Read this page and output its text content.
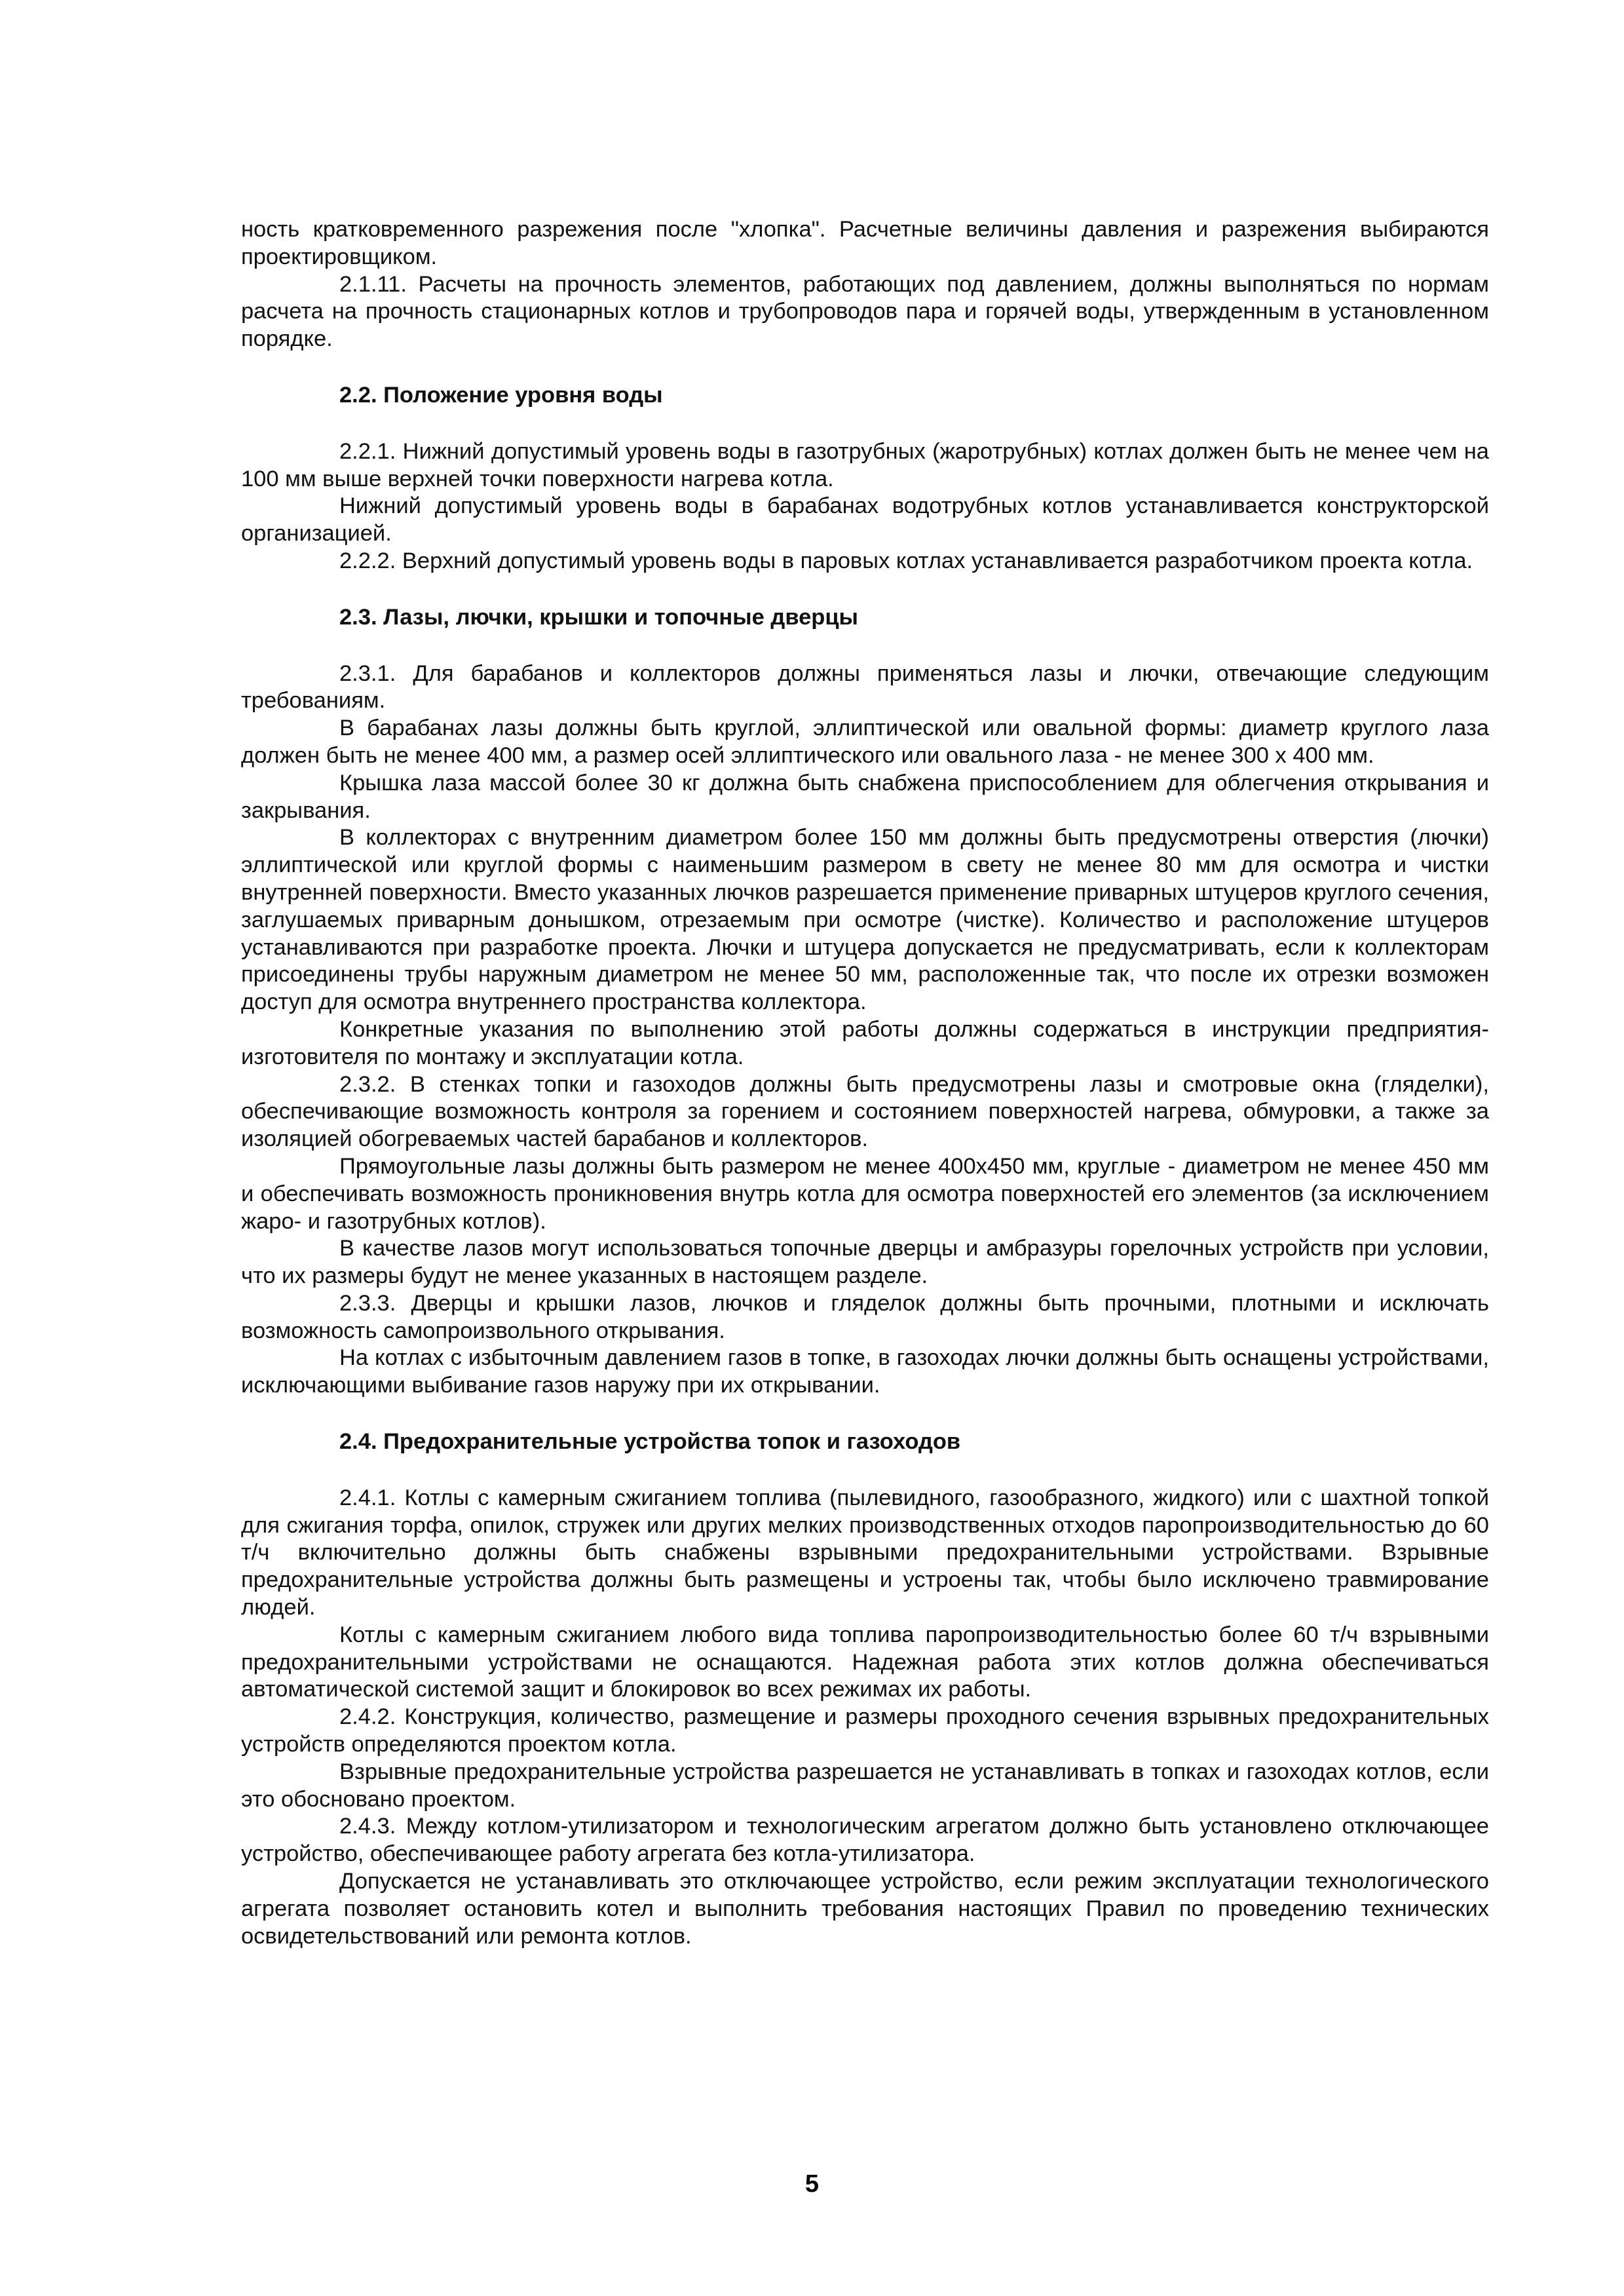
ность кратковременного разрежения после "хлопка". Расчетные величины давления и разрежения выбираются проектировщиком.

2.1.11. Расчеты на прочность элементов, работающих под давлением, должны выполняться по нормам расчета на прочность стационарных котлов и трубопроводов пара и горячей воды, утвержденным в установленном порядке.

2.2. Положение уровня воды

2.2.1. Нижний допустимый уровень воды в газотрубных (жаротрубных) котлах должен быть не менее чем на 100 мм выше верхней точки поверхности нагрева котла.

Нижний допустимый уровень воды в барабанах водотрубных котлов устанавливается конструкторской организацией.

2.2.2. Верхний допустимый уровень воды в паровых котлах устанавливается разработчиком проекта котла.

2.3. Лазы, лючки, крышки и топочные дверцы

2.3.1. Для барабанов и коллекторов должны применяться лазы и лючки, отвечающие следующим требованиям.

В барабанах лазы должны быть круглой, эллиптической или овальной формы: диаметр круглого лаза должен быть не менее 400 мм, а размер осей эллиптического или овального лаза - не менее 300 х 400 мм.

Крышка лаза массой более 30 кг должна быть снабжена приспособлением для облегчения открывания и закрывания.

В коллекторах с внутренним диаметром более 150 мм должны быть предусмотрены отверстия (лючки) эллиптической или круглой формы с наименьшим размером в свету не менее 80 мм для осмотра и чистки внутренней поверхности. Вместо указанных лючков разрешается применение приварных штуцеров круглого сечения, заглушаемых приварным донышком, отрезаемым при осмотре (чистке). Количество и расположение штуцеров устанавливаются при разработке проекта. Лючки и штуцера допускается не предусматривать, если к коллекторам присоединены трубы наружным диаметром не менее 50 мм, расположенные так, что после их отрезки возможен доступ для осмотра внутреннего пространства коллектора.

Конкретные указания по выполнению этой работы должны содержаться в инструкции предприятия-изготовителя по монтажу и эксплуатации котла.

2.3.2. В стенках топки и газоходов должны быть предусмотрены лазы и смотровые окна (гляделки), обеспечивающие возможность контроля за горением и состоянием поверхностей нагрева, обмуровки, а также за изоляцией обогреваемых частей барабанов и коллекторов.

Прямоугольные лазы должны быть размером не менее 400х450 мм, круглые - диаметром не менее 450 мм и обеспечивать возможность проникновения внутрь котла для осмотра поверхностей его элементов (за исключением жаро- и газотрубных котлов).

В качестве лазов могут использоваться топочные дверцы и амбразуры горелочных устройств при условии, что их размеры будут не менее указанных в настоящем разделе.

2.3.3. Дверцы и крышки лазов, лючков и гляделок должны быть прочными, плотными и исключать возможность самопроизвольного открывания.

На котлах с избыточным давлением газов в топке, в газоходах лючки должны быть оснащены устройствами, исключающими выбивание газов наружу при их открывании.

2.4. Предохранительные устройства топок и газоходов

2.4.1. Котлы с камерным сжиганием топлива (пылевидного, газообразного, жидкого) или с шахтной топкой для сжигания торфа, опилок, стружек или других мелких производственных отходов паропроизводительностью до 60 т/ч включительно должны быть снабжены взрывными предохранительными устройствами. Взрывные предохранительные устройства должны быть размещены и устроены так, чтобы было исключено травмирование людей.

Котлы с камерным сжиганием любого вида топлива паропроизводительностью более 60 т/ч взрывными предохранительными устройствами не оснащаются. Надежная работа этих котлов должна обеспечиваться автоматической системой защит и блокировок во всех режимах их работы.

2.4.2. Конструкция, количество, размещение и размеры проходного сечения взрывных предохранительных устройств определяются проектом котла.

Взрывные предохранительные устройства разрешается не устанавливать в топках и газоходах котлов, если это обосновано проектом.

2.4.3. Между котлом-утилизатором и технологическим агрегатом должно быть установлено отключающее устройство, обеспечивающее работу агрегата без котла-утилизатора.

Допускается не устанавливать это отключающее устройство, если режим эксплуатации технологического агрегата позволяет остановить котел и выполнить требования настоящих Правил по проведению технических освидетельствований или ремонта котлов.

5
